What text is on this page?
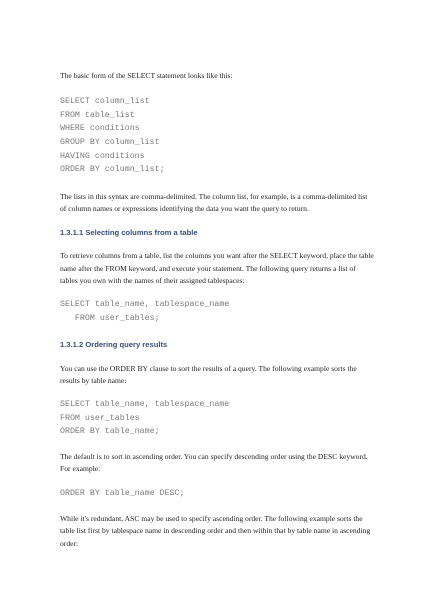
The basic form of the SELECT statement looks like this:

SELECT column_list
FROM table_list
WHERE conditions
GROUP BY column_list
HAVING conditions
ORDER BY column_list;

The lists in this syntax are comma-delimited. The column list, for example, is a comma-delimited list of column names or expressions identifying the data you want the query to return.

1.3.1.1 Selecting columns from a table

To retrieve columns from a table, list the columns you want after the SELECT keyword, place the table name after the FROM keyword, and execute your statement. The following query returns a list of tables you own with the names of their assigned tablespaces:

SELECT table_name, tablespace_name
FROM user_tables;
1.3.1.2 Ordering query results

You can use the ORDER BY clause to sort the results of a query. The following example sorts the results by table name:

SELECT table_name, tablespace_name
FROM user_tables
ORDER BY table_name;

The default is to sort in ascending order. You can specify descending order using the DESC keyword. For example:

ORDER BY table_name DESC;

While it's redundant, ASC may be used to specify ascending order. The following example sorts the table list first by tablespace name in descending order and then within that by table name in ascending order:
